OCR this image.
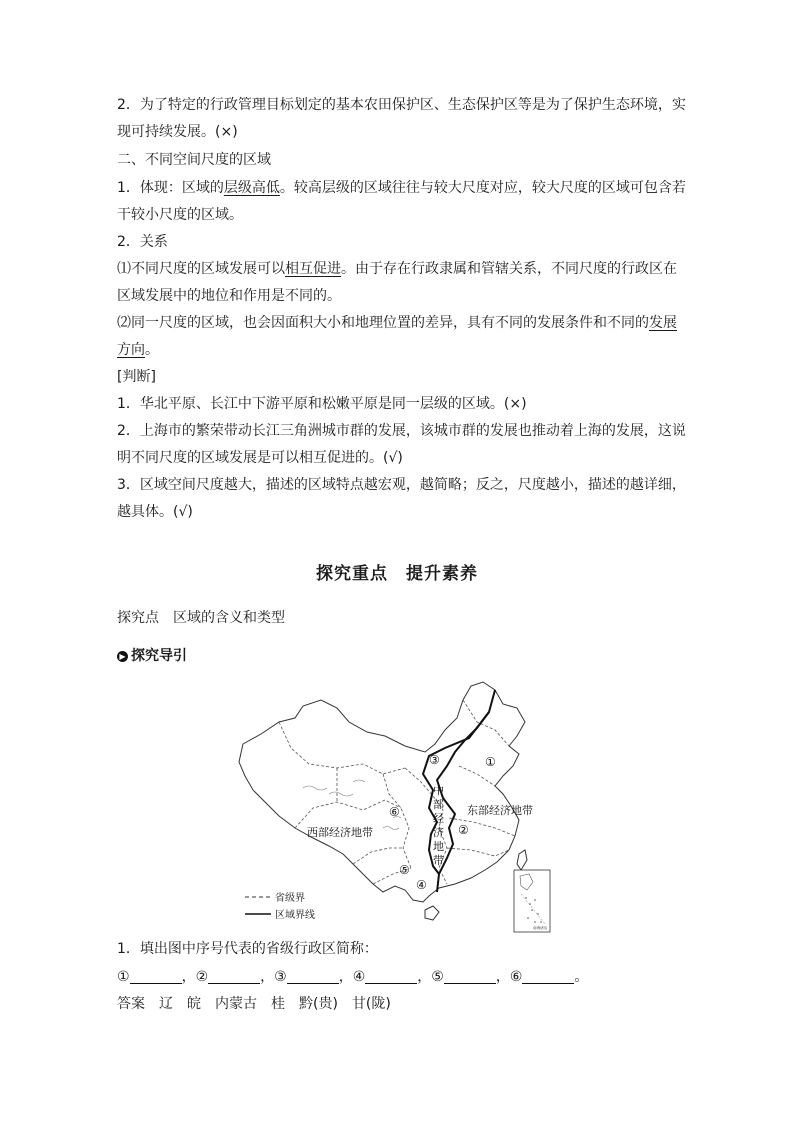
2．为了特定的行政管理目标划定的基本农田保护区、生态保护区等是为了保护生态环境，实
现可持续发展。(×)
二、不同空间尺度的区域
1．体现：区域的层级高低。较高层级的区域往往与较大尺度对应，较大尺度的区域可包含若
干较小尺度的区域。
2．关系
⑴不同尺度的区域发展可以相互促进。由于存在行政隶属和管辖关系，不同尺度的行政区在
区域发展中的地位和作用是不同的。
⑵同一尺度的区域，也会因面积大小和地理位置的差异，具有不同的发展条件和不同的发展
方向。
[判断]
1．华北平原、长江中下游平原和松嫩平原是同一层级的区域。(×)
2．上海市的繁荣带动长江三角洲城市群的发展，该城市群的发展也推动着上海的发展，这说
明不同尺度的区域发展是可以相互促进的。(√)
3．区域空间尺度越大，描述的区域特点越宏观，越简略；反之，尺度越小，描述的越详细，
越具体。(√)
探究重点　提升素养
探究点　区域的含义和类型
▶ 探究导引
①
②
③
④
⑤
⑥	东部经济地带
西部经济地带
中
部
经
济
地
带
省级界
区域界线
南海诸岛
1．填出图中序号代表的省级行政区简称：
①	，②	，③	，④	，⑤	，⑥	。
答案 辽 皖 内蒙古 桂 黔(贵) 甘(陇)
